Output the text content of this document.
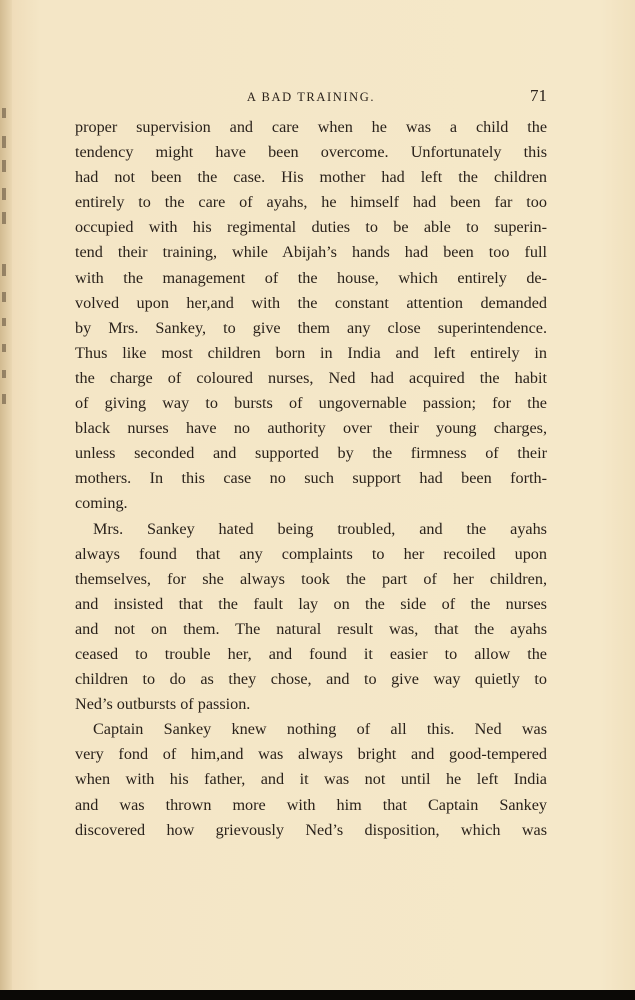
A BAD TRAINING.	71
proper supervision and care when he was a child the
tendency might have been overcome. Unfortunately this
had not been the case. His mother had left the children
entirely to the care of ayahs, he himself had been far too
occupied with his regimental duties to be able to superin-
tend their training, while Abijah’s hands had been too full
with the management of the house, which entirely de-
volved upon her,and with the constant attention demanded
by Mrs. Sankey, to give them any close superintendence.
Thus like most children born in India and left entirely in
the charge of coloured nurses, Ned had acquired the habit
of giving way to bursts of ungovernable passion; for the
black nurses have no authority over their young charges,
unless seconded and supported by the firmness of their
mothers. In this case no such support had been forth-
coming.
Mrs. Sankey hated being troubled, and the ayahs
always found that any complaints to her recoiled upon
themselves, for she always took the part of her children,
and insisted that the fault lay on the side of the nurses
and not on them. The natural result was, that the ayahs
ceased to trouble her, and found it easier to allow the
children to do as they chose, and to give way quietly to
Ned’s outbursts of passion.
Captain Sankey knew nothing of all this. Ned was
very fond of him,and was always bright and good-tempered
when with his father, and it was not until he left India
and was thrown more with him that Captain Sankey
discovered how grievously Ned’s disposition, which was
